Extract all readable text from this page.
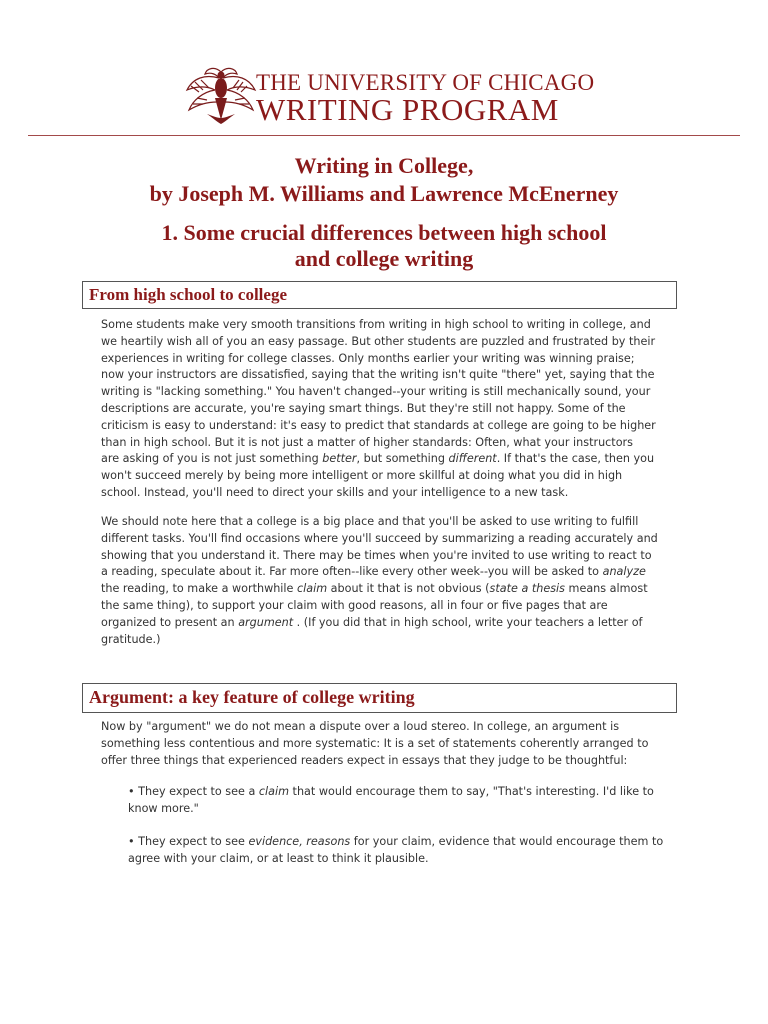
THE UNIVERSITY OF CHICAGO
WRITING PROGRAM
Writing in College,
by Joseph M. Williams and Lawrence McEnerney
1. Some crucial differences between high school
and college writing
From high school to college
Some students make very smooth transitions from writing in high school to writing in college, and
we heartily wish all of you an easy passage. But other students are puzzled and frustrated by their
experiences in writing for college classes. Only months earlier your writing was winning praise;
now your instructors are dissatisfied, saying that the writing isn't quite "there" yet, saying that the
writing is "lacking something." You haven't changed--your writing is still mechanically sound, your
descriptions are accurate, you're saying smart things. But they're still not happy. Some of the
criticism is easy to understand: it's easy to predict that standards at college are going to be higher
than in high school. But it is not just a matter of higher standards: Often, what your instructors
are asking of you is not just something better, but something different. If that's the case, then you
won't succeed merely by being more intelligent or more skillful at doing what you did in high
school. Instead, you'll need to direct your skills and your intelligence to a new task.
We should note here that a college is a big place and that you'll be asked to use writing to fulfill
different tasks. You'll find occasions where you'll succeed by summarizing a reading accurately and
showing that you understand it. There may be times when you're invited to use writing to react to
a reading, speculate about it. Far more often--like every other week--you will be asked to analyze
the reading, to make a worthwhile claim about it that is not obvious (state a thesis means almost
the same thing), to support your claim with good reasons, all in four or five pages that are
organized to present an argument . (If you did that in high school, write your teachers a letter of
gratitude.)
Argument: a key feature of college writing
Now by "argument" we do not mean a dispute over a loud stereo. In college, an argument is
something less contentious and more systematic: It is a set of statements coherently arranged to
offer three things that experienced readers expect in essays that they judge to be thoughtful:
• They expect to see a claim that would encourage them to say, "That's interesting. I'd like to
know more."
• They expect to see evidence, reasons for your claim, evidence that would encourage them to
agree with your claim, or at least to think it plausible.
